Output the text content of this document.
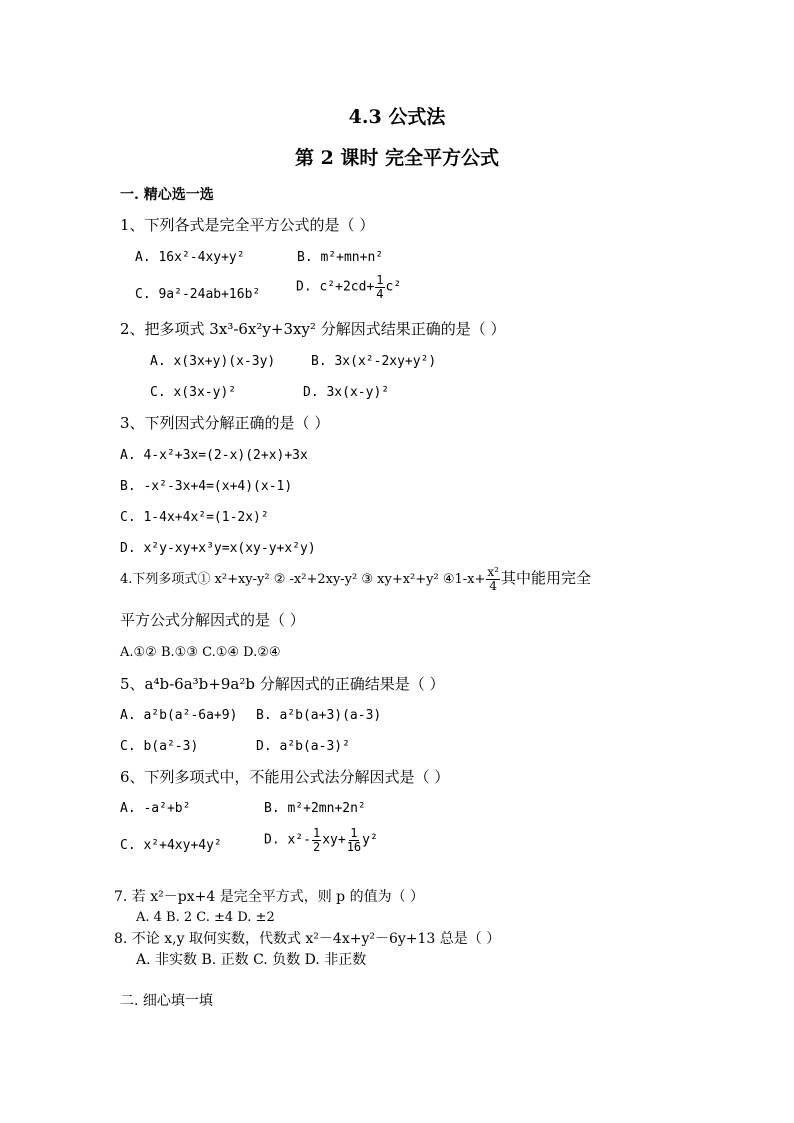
4.3 公式法
第 2 课时 完全平方公式
一. 精心选一选
1、下列各式是完全平方公式的是（ ）
A. 16x²-4xy+y²	B. m²+mn+n²
C. 9a²-24ab+16b²	D. $c^2+2cd+ \frac{1}{4} c^2$
2、把多项式 3x³-6x²y+3xy² 分解因式结果正确的是（ ）
A. x(3x+y)(x-3y)	B. 3x(x²-2xy+y²)
C. x(3x-y)²	D. 3x(x-y)²
3、下列因式分解正确的是（ ）
A. 4-x²+3x=(2-x)(2+x)+3x
B. -x²-3x+4=(x+4)(x-1)
C. 1-4x+4x²=(1-2x)²
D. x²y-xy+x³y=x(xy-y+x²y)
4.下列多项式① x²+xy-y² ② -x²+2xy-y² ③ xy+x²+y² ④1-x+ $\frac{\text{x²}}{4}$ 其中能用完全
平方公式分解因式的是（ ）
A.①② B.①③ C.①④ D.②④
5、a⁴b-6a³b+9a²b 分解因式的正确结果是（ ）
A. a²b(a²-6a+9) B. a²b(a+3)(a-3)
C. b(a²-3)	D. a²b(a-3)²
6、下列多项式中，不能用公式法分解因式是（ ）
A. -a²+b²	B. m²+2mn+2n²
C. x²+4xy+4y²	D. $x^2- \frac{1}{2} xy+ \frac{1}{16} y^2$
7. 若 x²－px+4 是完全平方式，则 p 的值为（ ）
A. 4 B. 2 C. ±4 D. ±2
8. 不论 x,y 取何实数，代数式 x²－4x+y²－6y+13 总是（ ）
A. 非实数 B. 正数 C. 负数 D. 非正数
二. 细心填一填
